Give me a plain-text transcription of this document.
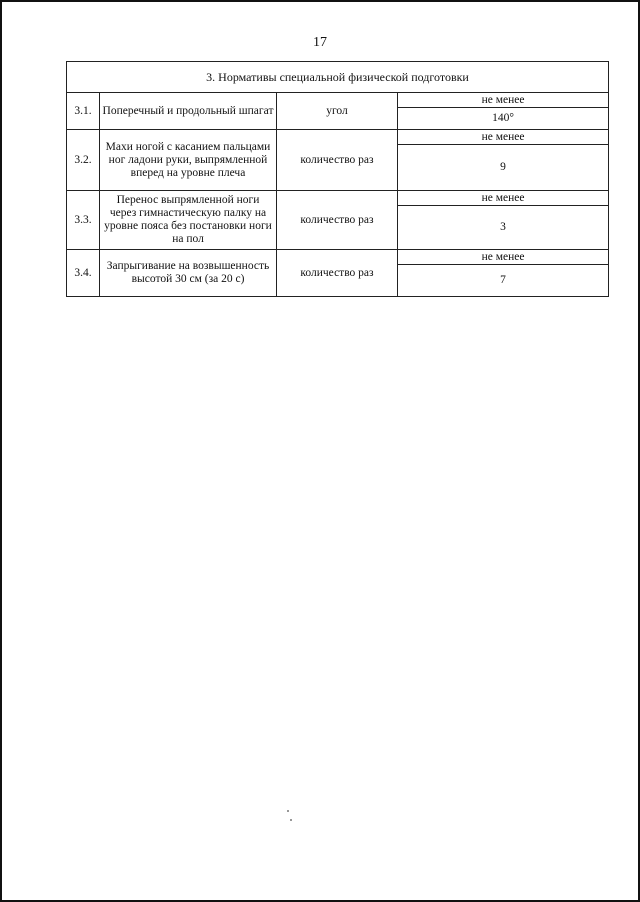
17
3. Нормативы специальной физической подготовки			
3.1.	Поперечный и продольный шпагат	угол	не менее
			140°
3.2.	Махи ногой с касанием пальцами ног ладони руки, выпрямленной вперед на уровне плеча	количество раз	не менее
			9
3.3.	Перенос выпрямленной ноги через гимнастическую палку на уровне пояса без постановки ноги на пол	количество раз	не менее
			3
3.4.	Запрыгивание на возвышенность высотой 30 см (за 20 с)	количество раз	не менее
			7
